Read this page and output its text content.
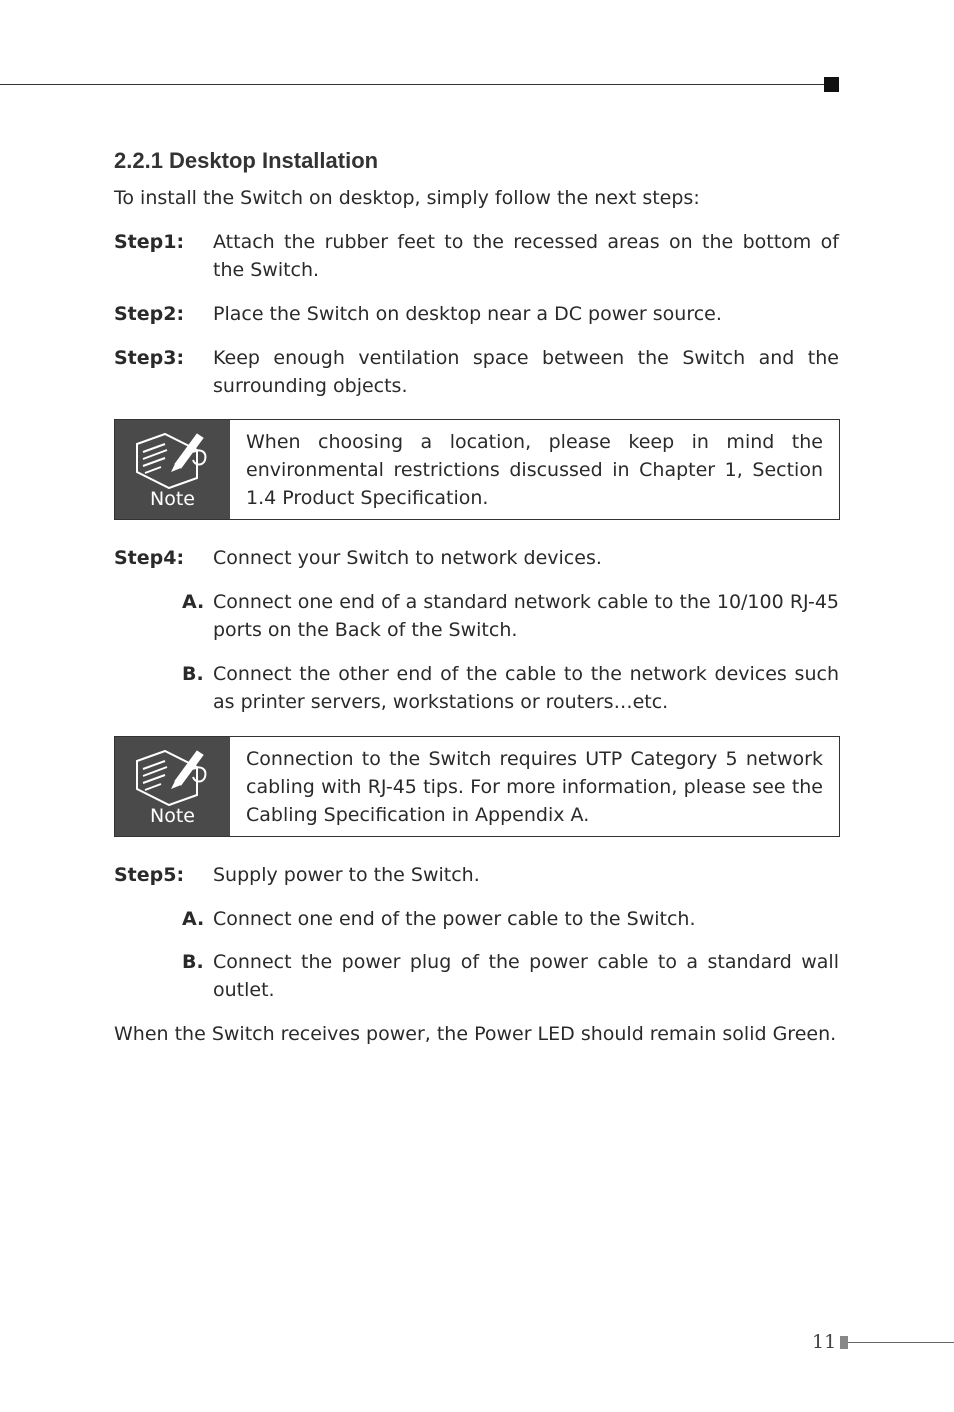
2.2.1 Desktop Installation

To install the Switch on desktop, simply follow the next steps:

Step1: Attach the rubber feet to the recessed areas on the bottom of the Switch.
Step2: Place the Switch on desktop near a DC power source.
Step3: Keep enough ventilation space between the Switch and the surrounding objects.
Note
When choosing a location, please keep in mind the environmental restrictions discussed in Chapter 1, Section 1.4 Product Specification.
Step4: Connect your Switch to network devices.
A. Connect one end of a standard network cable to the 10/100 RJ-45 ports on the Back of the Switch.
B. Connect the other end of the cable to the network devices such as printer servers, workstations or routers…etc.
Note
Connection to the Switch requires UTP Category 5 network cabling with RJ-45 tips. For more information, please see the Cabling Specification in Appendix A.
Step5: Supply power to the Switch.
A. Connect one end of the power cable to the Switch.
B. Connect the power plug of the power cable to a standard wall outlet.

When the Switch receives power, the Power LED should remain solid Green.

11
